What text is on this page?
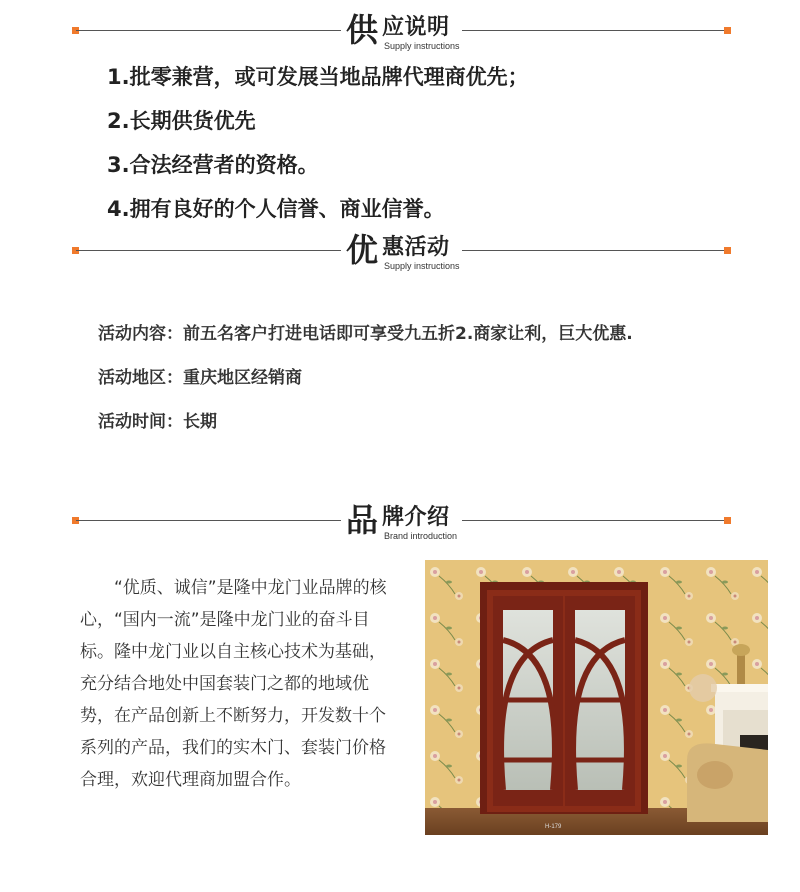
供 应说明
Supply instructions
1.批零兼营，或可发展当地品牌代理商优先；
2.长期供货优先
3.合法经营者的资格。
4.拥有良好的个人信誉、商业信誉。
优 惠活动
Supply instructions
活动内容：前五名客户打进电话即可享受九五折2.商家让利，巨大优惠.
活动地区：重庆地区经销商
活动时间：长期
品 牌介绍
Brand introduction

“优质、诚信”是隆中龙门业品牌的核心，“国内一流”是隆中龙门业的奋斗目标。隆中龙门业以自主核心技术为基础，充分结合地处中国套装门之都的地域优势，在产品创新上不断努力，开发数十个系列的产品，我们的实木门、套装门价格合理，欢迎代理商加盟合作。

H-179
